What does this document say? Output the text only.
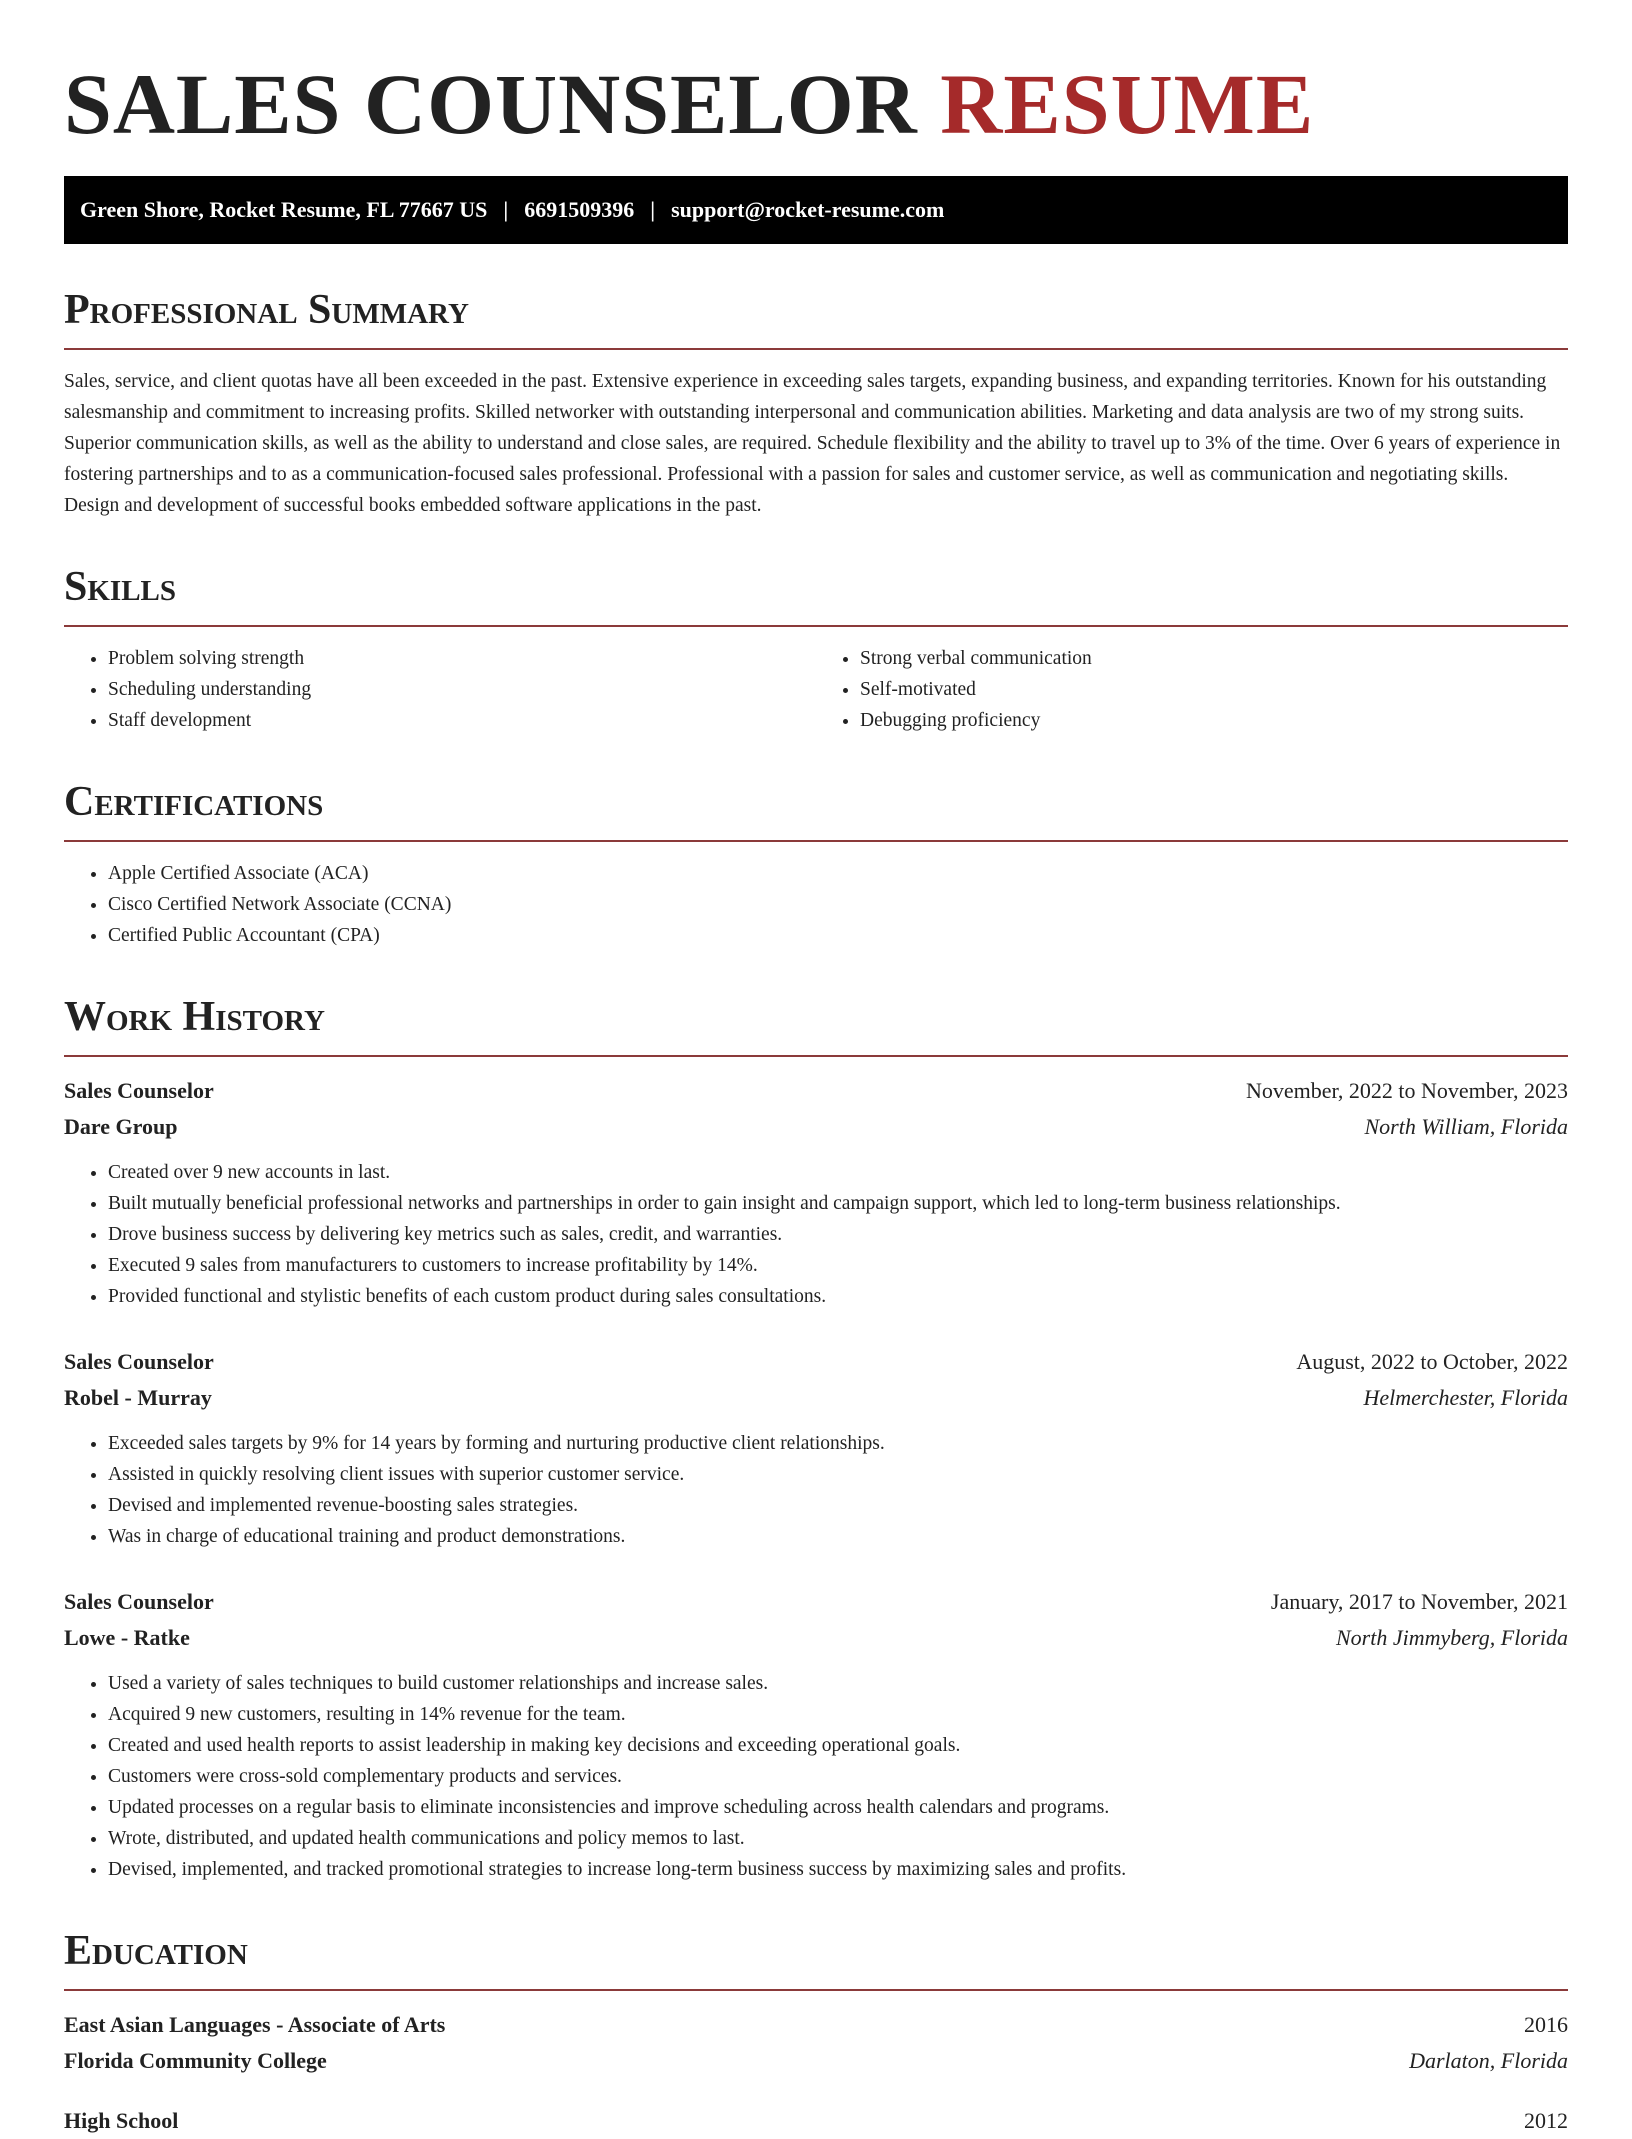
SALES COUNSELOR RESUME
Green Shore, Rocket Resume, FL 77667 US | 6691509396 | support@rocket-resume.com
Professional Summary

Sales, service, and client quotas have all been exceeded in the past. Extensive experience in exceeding sales targets, expanding business, and expanding territories. Known for his outstanding salesmanship and commitment to increasing profits. Skilled networker with outstanding interpersonal and communication abilities. Marketing and data analysis are two of my strong suits. Superior communication skills, as well as the ability to understand and close sales, are required. Schedule flexibility and the ability to travel up to 3% of the time. Over 6 years of experience in fostering partnerships and to as a communication-focused sales professional. Professional with a passion for sales and customer service, as well as communication and negotiating skills. Design and development of successful books embedded software applications in the past.

Skills
• Problem solving strength
• Scheduling understanding
• Staff development
• Strong verbal communication
• Self-motivated
• Debugging proficiency
Certifications
• Apple Certified Associate (ACA)
• Cisco Certified Network Associate (CCNA)
• Certified Public Accountant (CPA)
Work History
Sales Counselor	November, 2022 to November, 2023
Dare Group	North William, Florida
• Created over 9 new accounts in last.
• Built mutually beneficial professional networks and partnerships in order to gain insight and campaign support, which led to long-term business relationships.
• Drove business success by delivering key metrics such as sales, credit, and warranties.
• Executed 9 sales from manufacturers to customers to increase profitability by 14%.
• Provided functional and stylistic benefits of each custom product during sales consultations.
Sales Counselor	August, 2022 to October, 2022
Robel - Murray	Helmerchester, Florida
• Exceeded sales targets by 9% for 14 years by forming and nurturing productive client relationships.
• Assisted in quickly resolving client issues with superior customer service.
• Devised and implemented revenue-boosting sales strategies.
• Was in charge of educational training and product demonstrations.
Sales Counselor	January, 2017 to November, 2021
Lowe - Ratke	North Jimmyberg, Florida
• Used a variety of sales techniques to build customer relationships and increase sales.
• Acquired 9 new customers, resulting in 14% revenue for the team.
• Created and used health reports to assist leadership in making key decisions and exceeding operational goals.
• Customers were cross-sold complementary products and services.
• Updated processes on a regular basis to eliminate inconsistencies and improve scheduling across health calendars and programs.
• Wrote, distributed, and updated health communications and policy memos to last.
• Devised, implemented, and tracked promotional strategies to increase long-term business success by maximizing sales and profits.
Education
East Asian Languages - Associate of Arts	2016
Florida Community College	Darlaton, Florida
High School	2012
